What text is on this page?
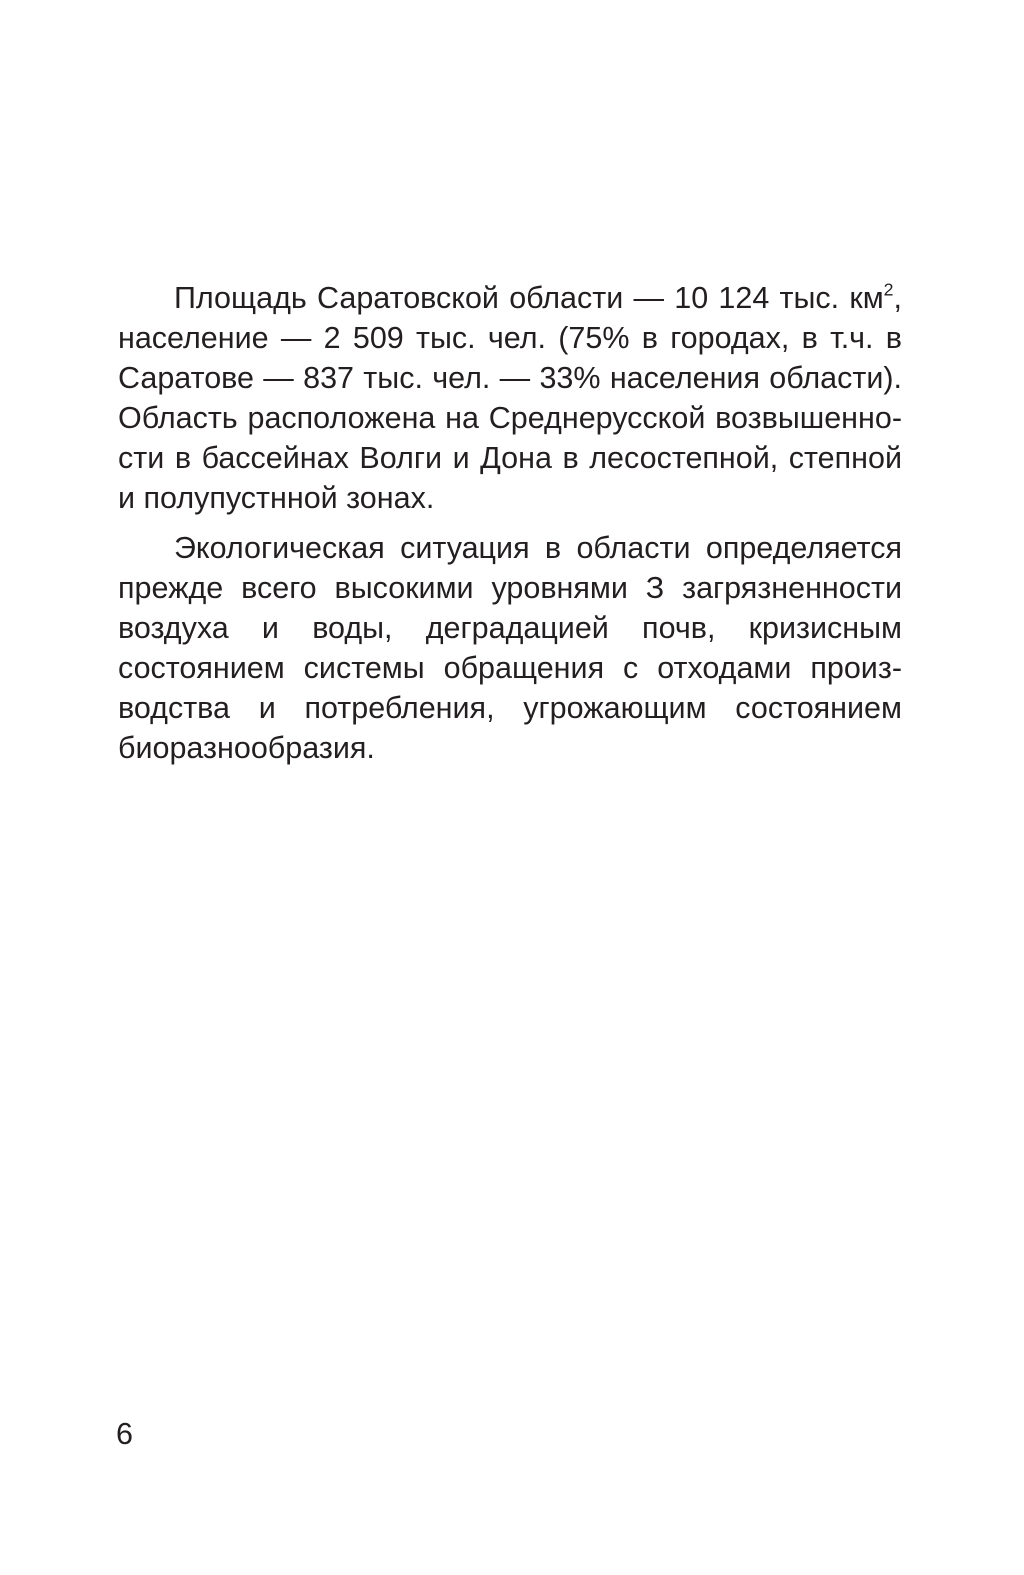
Площадь Саратовской области — 10 124 тыс. $км^2$, население — 2 509 тыс. чел. (75% в городах, в т.ч. в Саратове — 837 тыс. чел. — 33% населения области). Область расположена на Среднерусской возвышенности в бассейнах Волги и Дона в лесостепной, степной и полупустнной зонах.

Экологическая ситуация в области определяется прежде всего высокими уровнями З загрязненности воздуха и воды, деградацией почв, кризисным состоянием системы обращения с отходами производства и потребления, угрожающим состоянием биоразнообразия.

6
